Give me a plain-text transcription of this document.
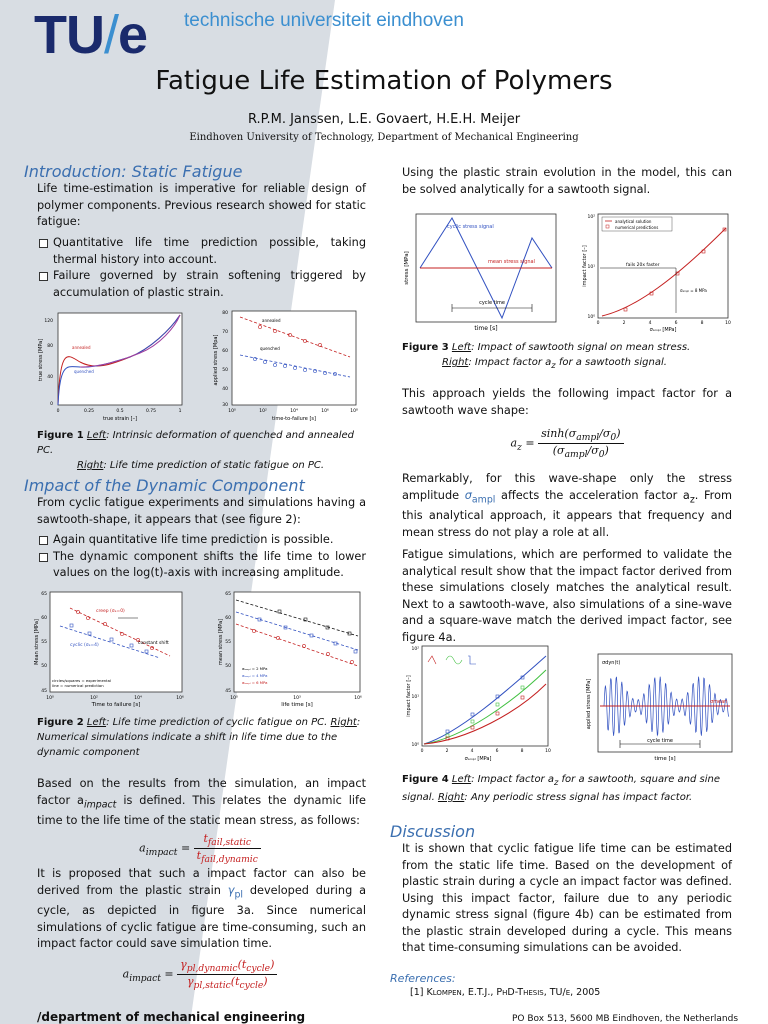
TU/e technische universiteit eindhoven
Fatigue Life Estimation of Polymers
R.P.M. Janssen, L.E. Govaert, H.E.H. Meijer
Eindhoven University of Technology, Department of Mechanical Engineering
Introduction: Static Fatigue
Life time-estimation is imperative for reliable design of polymer components. Previous research showed for static fatigue:
Quantitative life time prediction possible, taking thermal history into account.
Failure governed by strain softening triggered by accumulation of plastic strain.
annealed
quenched
120
80
40
0
0	0.25	0.5	0.75	1
true strain [–]
true stress [MPa]
annealed
quenched
80
70
60
50
40
30
10⁰	10²	10⁴	10⁶	10⁸
time-to-failure [s]
applied stress [Mpa]
Figure 1 Left: Intrinsic deformation of quenched and annealed PC.
Right: Life time prediction of static fatigue on PC.
Impact of the Dynamic Component
From cyclic fatigue experiments and simulations having a sawtooth-shape, it appears that (see figure 2):
Again quantitative life time prediction is possible.
The dynamic component shifts the life time to lower values on the log(t)-axis with increasing amplitude.
creep (σₐ=0)
cyclic (σₐ=4)	constant shift
circles/squares = experimental
line = numerical prediction
65
60
55
50
45
10⁰	10²	10⁴	10⁶
Time to failure [s]
Mean stress [MPa]
σₐₘₚₗ = 2 MPa
σₐₘₚₗ = 4 MPa
σₐₘₚₗ = 6 MPa
65
60
55
50
45
10⁰	10³	10⁶
life time [s]
mean stress [MPa]
Figure 2 Left: Life time prediction of cyclic fatigue on PC. Right: Numerical simulations indicate a shift in life time due to the dynamic component
Based on the results from the simulation, an impact factor $a_{impact}$ is defined. This relates the dynamic life time to the life time of the static mean stress, as follows:
$a_{impact} = \frac{t_{fail,static}}{t_{fail,dynamic}}$
It is proposed that such a impact factor can also be derived from the plastic strain $\gamma_{pl}$ developed during a cycle, as depicted in figure 3a. Since numerical simulations of cyclic fatigue are time-consuming, such an impact factor could save simulation time.
$a_{impact} = \frac{\gamma_{pl,dynamic}(t_{cycle})}{\gamma_{pl,static}(t_{cycle})}$
/department of mechanical engineering
Using the plastic strain evolution in the model, this can be solved analytically for a sawtooth signal.
cyclic stress signal
mean stress signal
cycle time
time [s]
stress [MPa]
analytical solution
numerical predictions
fails 20x faster
σₐₘₚₗ = 8 MPa
10²
10¹
10⁰
0	2	4	6	8	10
σₐₘₚₗ [MPa]
impact factor [–]
Figure 3 Left: Impact of sawtooth signal on mean stress.
Right: Impact factor $a_z$ for a sawtooth signal.
This approach yields the following impact factor for a sawtooth wave shape:
$a_z = \frac{\sinh(\sigma_{ampl}/\sigma_0)}{(\sigma_{ampl}/\sigma_0)}$
Remarkably, for this wave-shape only the stress amplitude $\sigma_{ampl}$ affects the acceleration factor $a_z$. From this analytical approach, it appears that frequency and mean stress do not play a role at all.
Fatigue simulations, which are performed to validate the analytical result show that the impact factor derived from these simulations closely matches the analytical result. Next to a sawtooth-wave, also simulations of a sine-wave and a square-wave match the derived impact factor, see figure 4a.
10²
10¹
10⁰
0	2	4	6	8	10
σₐₘₚₗ [MPa]
impact factor [–]
σdyn(t)
σmean
cycle time
time [s]
applied stress [MPa]
Figure 4 Left: Impact factor $a_z$ for a sawtooth, square and sine signal. Right: Any periodic stress signal has impact factor.
Discussion
It is shown that cyclic fatigue life time can be estimated from the static life time. Based on the development of plastic strain during a cycle an impact factor was defined. Using this impact factor, failure due to any periodic dynamic stress signal (figure 4b) can be estimated from the plastic strain developed during a cycle. This means that time-consuming simulations can be avoided.
References:
[1] Klompen, E.T.J., PhD-Thesis, TU/e, 2005
PO Box 513, 5600 MB Eindhoven, the Netherlands
